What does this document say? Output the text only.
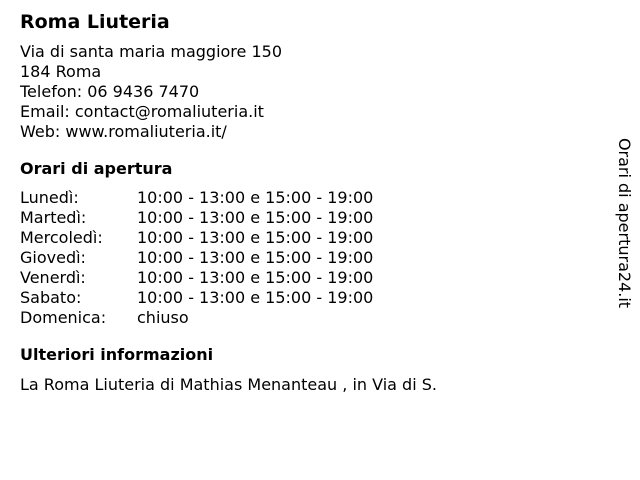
Roma Liuteria
Via di santa maria maggiore 150
184 Roma
Telefon: 06 9436 7470
Email: contact@romaliuteria.it
Web: www.romaliuteria.it/
Orari di apertura
Lunedì:	10:00 - 13:00 e 15:00 - 19:00
Martedì:	10:00 - 13:00 e 15:00 - 19:00
Mercoledì:	10:00 - 13:00 e 15:00 - 19:00
Giovedì:	10:00 - 13:00 e 15:00 - 19:00
Venerdì:	10:00 - 13:00 e 15:00 - 19:00
Sabato:	10:00 - 13:00 e 15:00 - 19:00
Domenica:	chiuso
Ulteriori informazioni
La Roma Liuteria di Mathias Menanteau , in Via di S.
Orari di apertura24.it
